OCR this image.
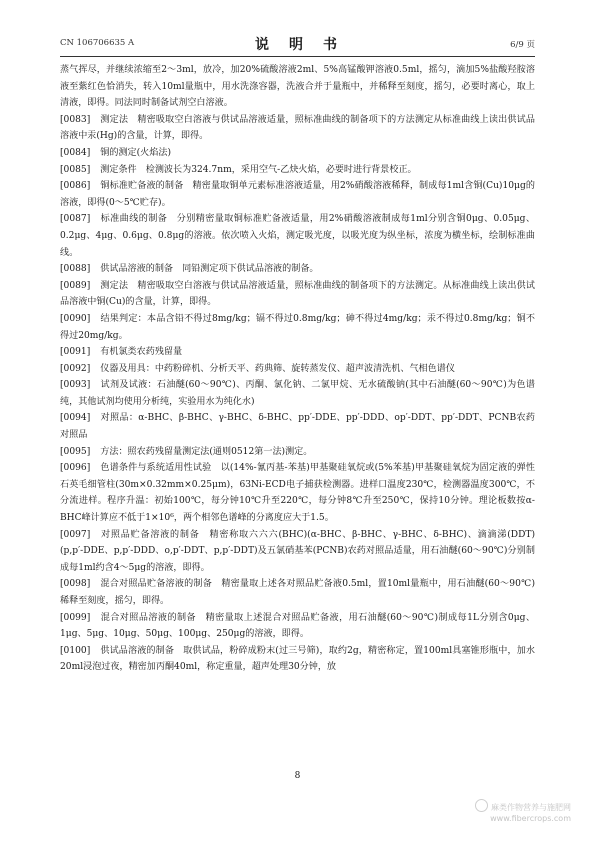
CN 106706635 A	说　明　书	6/9 页

蒸气挥尽，并继续浓缩至2～3ml，放冷，加20%硫酸溶液2ml、5%高锰酸钾溶液0.5ml，摇匀，滴加5%盐酸羟胺溶液至紫红色恰消失，转入10ml量瓶中，用水洗涤容器，洗液合并于量瓶中，并稀释至刻度，摇匀，必要时离心，取上清液，即得。同法同时制备试剂空白溶液。

[0083] 测定法　精密吸取空白溶液与供试品溶液适量，照标准曲线的制备项下的方法测定从标准曲线上读出供试品溶液中汞(Hg)的含量，计算，即得。

[0084] 铜的测定(火焰法)

[0085] 测定条件　检测波长为324.7nm，采用空气-乙炔火焰，必要时进行背景校正。

[0086] 铜标准贮备液的制备　精密量取铜单元素标准溶液适量，用2%硝酸溶液稀释，制成每1ml含铜(Cu)10μg的溶液，即得(0～5℃贮存)。

[0087] 标准曲线的制备　分别精密量取铜标准贮备液适量，用2%硝酸溶液制成每1ml分别含铜0μg、0.05μg、0.2μg、4μg、0.6μg、0.8μg的溶液。依次喷入火焰，测定吸光度，以吸光度为纵坐标，浓度为横坐标，绘制标准曲线。

[0088] 供试品溶液的制备　同铅测定项下供试品溶液的制备。

[0089] 测定法　精密吸取空白溶液与供试品溶液适量，照标准曲线的制备项下的方法测定。从标准曲线上读出供试品溶液中铜(Cu)的含量，计算，即得。

[0090] 结果判定：本品含铅不得过8mg/kg；镉不得过0.8mg/kg；砷不得过4mg/kg；汞不得过0.8mg/kg；铜不得过20mg/kg。

[0091] 有机氯类农药残留量

[0092] 仪器及用具：中药粉碎机、分析天平、药典筛、旋转蒸发仪、超声波清洗机、气相色谱仪

[0093] 试剂及试液：石油醚(60～90℃)、丙酮、氯化钠、二氯甲烷、无水硫酸钠(其中石油醚(60～90℃)为色谱纯，其他试剂均使用分析纯，实验用水为纯化水)

[0094] 对照品：α-BHC、β-BHC、γ-BHC、δ-BHC、pp′-DDE、pp′-DDD、op′-DDT、pp′-DDT、PCNB农药对照品

[0095] 方法：照农药残留量测定法(通则0512第一法)测定。

[0096] 色谱条件与系统适用性试验　以(14%-氰丙基-苯基)甲基聚硅氧烷或(5%苯基)甲基聚硅氧烷为固定液的弹性石英毛细管柱(30m×0.32mm×0.25μm)，63Ni-ECD电子捕获检测器。进样口温度230℃，检测器温度300℃，不分流进样。程序升温：初始100℃，每分钟10℃升至220℃，每分钟8℃升至250℃，保持10分钟。理论板数按α-BHC峰计算应不低于1×10⁶，两个相邻色谱峰的分离度应大于1.5。

[0097] 对照品贮备溶液的制备　精密称取六六六(BHC)(α-BHC、β-BHC、γ-BHC、δ-BHC)、滴滴涕(DDT)(p,p′-DDE、p,p′-DDD、o,p′-DDT、p,p′-DDT)及五氯硝基苯(PCNB)农药对照品适量，用石油醚(60～90℃)分别制成每1ml约含4～5μg的溶液，即得。

[0098] 混合对照品贮备溶液的制备　精密量取上述各对照品贮备液0.5ml，置10ml量瓶中，用石油醚(60～90℃)稀释至刻度，摇匀，即得。

[0099] 混合对照品溶液的制备　精密量取上述混合对照品贮备液，用石油醚(60～90℃)制成每1L分别含0μg、1μg、5μg、10μg、50μg、100μg、250μg的溶液，即得。

[0100] 供试品溶液的制备　取供试品，粉碎成粉末(过三号筛)，取约2g，精密称定，置100ml具塞锥形瓶中，加水20ml浸泡过夜，精密加丙酮40ml，称定重量，超声处理30分钟，放

8
麻类作物营养与施肥网
www.fibercrops.com
